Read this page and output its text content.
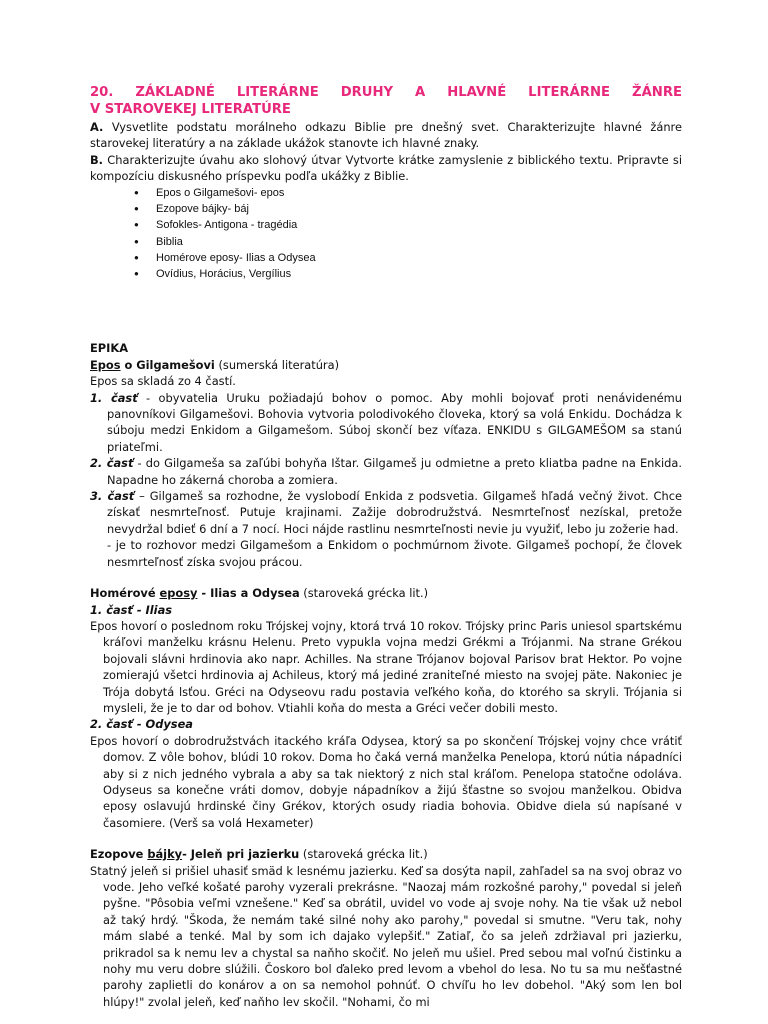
20. ZÁKLADNÉ LITERÁRNE DRUHY A HLAVNÉ LITERÁRNE ŽÁNRE

V STAROVEKEJ LITERATÚRE

A. Vysvetlite podstatu morálneho odkazu Biblie pre dnešný svet. Charakterizujte hlavné žánre starovekej literatúry a na základe ukážok stanovte ich hlavné znaky.

B. Charakterizujte úvahu ako slohový útvar Vytvorte krátke zamyslenie z biblického textu. Pripravte si kompozíciu diskusného príspevku podľa ukážky z Biblie.

● Epos o Gilgamešovi- epos
● Ezopove bájky- báj
● Sofokles- Antigona - tragédia
● Biblia
● Homérove eposy- Ilias a Odysea
● Ovídius, Horácius, Vergílius

EPIKA

Epos o Gilgamešovi (sumerská literatúra)

Epos sa skladá zo 4 častí.

1. časť - obyvatelia Uruku požiadajú bohov o pomoc. Aby mohli bojovať proti nenávidenému panovníkovi Gilgamešovi. Bohovia vytvoria polodivokého človeka, ktorý sa volá Enkidu. Dochádza k súboju medzi Enkidom a Gilgamešom. Súboj skončí bez víťaza. ENKIDU s GILGAMEŠOM sa stanú priateľmi.

2. časť - do Gilgameša sa zaľúbi bohyňa Ištar. Gilgameš ju odmietne a preto kliatba padne na Enkida. Napadne ho zákerná choroba a zomiera.

3. časť – Gilgameš sa rozhodne, že vyslobodí Enkida z podsvetia. Gilgameš hľadá večný život. Chce získať nesmrteľnosť. Putuje krajinami. Zažije dobrodružstvá. Nesmrteľnosť nezískal, pretože nevydržal bdieť 6 dní a 7 nocí. Hoci nájde rastlinu nesmrteľnosti nevie ju využiť, lebo ju zožerie had.

- je to rozhovor medzi Gilgamešom a Enkidom o pochmúrnom živote. Gilgameš pochopí, že človek nesmrteľnosť získa svojou prácou.

Homérové eposy - Ilias a Odysea (staroveká grécka lit.)

1. časť - Ilias

Epos hovorí o poslednom roku Trójskej vojny, ktorá trvá 10 rokov. Trójsky princ Paris uniesol spartskému kráľovi manželku krásnu Helenu. Preto vypukla vojna medzi Grékmi a Trójanmi. Na strane Grékou bojovali slávni hrdinovia ako napr. Achilles. Na strane Trójanov bojoval Parisov brat Hektor. Po vojne zomierajú všetci hrdinovia aj Achileus, ktorý má jediné zraniteľné miesto na svojej päte. Nakoniec je Trója dobytá lsťou. Gréci na Odyseovu radu postavia veľkého koňa, do ktorého sa skryli. Trójania si mysleli, že je to dar od bohov. Vtiahli koňa do mesta a Gréci večer dobili mesto.

2. časť - Odysea

Epos hovorí o dobrodružstvách itackého kráľa Odysea, ktorý sa po skončení Trójskej vojny chce vrátiť domov. Z vôle bohov, blúdi 10 rokov. Doma ho čaká verná manželka Penelopa, ktorú nútia nápadníci aby si z nich jedného vybrala a aby sa tak niektorý z nich stal kráľom. Penelopa statočne odoláva. Odyseus sa konečne vráti domov, dobyje nápadníkov a žijú šťastne so svojou manželkou. Obidva eposy oslavujú hrdinské činy Grékov, ktorých osudy riadia bohovia. Obidve diela sú napísané v časomiere. (Verš sa volá Hexameter)

Ezopove bájky- Jeleň pri jazierku (staroveká grécka lit.)

Statný jeleň si prišiel uhasiť smäd k lesnému jazierku. Keď sa dosýta napil, zahľadel sa na svoj obraz vo vode. Jeho veľké košaté parohy vyzerali prekrásne. "Naozaj mám rozkošné parohy," povedal si jeleň pyšne. "Pôsobia veľmi vznešene." Keď sa obrátil, uvidel vo vode aj svoje nohy. Na tie však už nebol až taký hrdý. "Škoda, že nemám také silné nohy ako parohy," povedal si smutne. "Veru tak, nohy mám slabé a tenké. Mal by som ich dajako vylepšiť." Zatiaľ, čo sa jeleň zdržiaval pri jazierku, prikradol sa k nemu lev a chystal sa naňho skočiť. No jeleň mu ušiel. Pred sebou mal voľnú čistinku a nohy mu veru dobre slúžili. Čoskoro bol ďaleko pred levom a vbehol do lesa. No tu sa mu nešťastné parohy zaplietli do konárov a on sa nemohol pohnúť. O chvíľu ho lev dobehol. "Aký som len bol hlúpy!" zvolal jeleň, keď naňho lev skočil. "Nohami, čo mi
